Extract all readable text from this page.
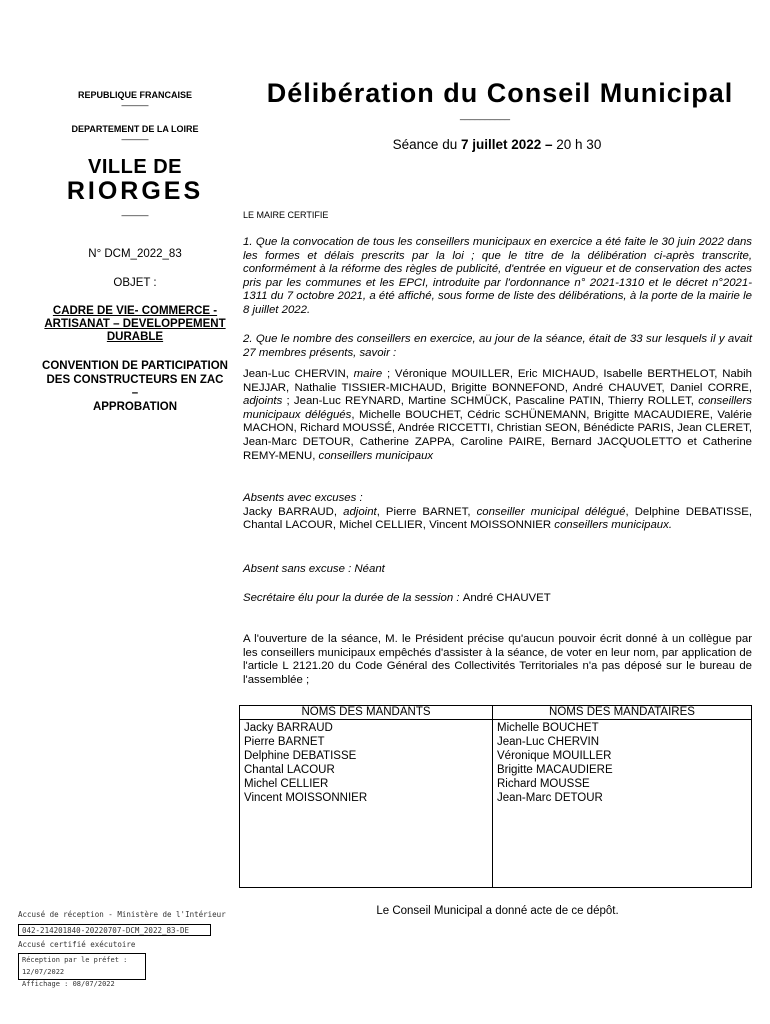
REPUBLIQUE FRANCAISE
———
DEPARTEMENT DE LA LOIRE
———
VILLE DE
RIORGES
———
N° DCM_2022_83
OBJET :
CADRE DE VIE- COMMERCE - ARTISANAT – DEVELOPPEMENT DURABLE
CONVENTION DE PARTICIPATION DES CONSTRUCTEURS EN ZAC
–
APPROBATION
Délibération du Conseil Municipal
__________
Séance du 7 juillet 2022 – 20 h 30
LE MAIRE CERTIFIE
1. Que la convocation de tous les conseillers municipaux en exercice a été faite le 30 juin 2022 dans les formes et délais prescrits par la loi ; que le titre de la délibération ci-après transcrite, conformément à la réforme des règles de publicité, d'entrée en vigueur et de conservation des actes pris par les communes et les EPCI, introduite par l'ordonnance n° 2021-1310 et le décret n°2021-1311 du 7 octobre 2021, a été affiché, sous forme de liste des délibérations, à la porte de la mairie le 8 juillet 2022.
2. Que le nombre des conseillers en exercice, au jour de la séance, était de 33 sur lesquels il y avait 27 membres présents, savoir :
Jean-Luc CHERVIN, maire ; Véronique MOUILLER, Eric MICHAUD, Isabelle BERTHELOT, Nabih NEJJAR, Nathalie TISSIER-MICHAUD, Brigitte BONNEFOND, André CHAUVET, Daniel CORRE, adjoints ; Jean-Luc REYNARD, Martine SCHMÜCK, Pascaline PATIN, Thierry ROLLET, conseillers municipaux délégués, Michelle BOUCHET, Cédric SCHÜNEMANN, Brigitte MACAUDIERE, Valérie MACHON, Richard MOUSSÉ, Andrée RICCETTI, Christian SEON, Bénédicte PARIS, Jean CLERET, Jean-Marc DETOUR, Catherine ZAPPA, Caroline PAIRE, Bernard JACQUOLETTO et Catherine REMY-MENU, conseillers municipaux
Absents avec excuses :
Jacky BARRAUD, adjoint, Pierre BARNET, conseiller municipal délégué, Delphine DEBATISSE, Chantal LACOUR, Michel CELLIER, Vincent MOISSONNIER conseillers municipaux.
Absent sans excuse : Néant
Secrétaire élu pour la durée de la session : André CHAUVET
A l'ouverture de la séance, M. le Président précise qu'aucun pouvoir écrit donné à un collègue par les conseillers municipaux empêchés d'assister à la séance, de voter en leur nom, par application de l'article L 2121.20 du Code Général des Collectivités Territoriales n'a pas déposé sur le bureau de l'assemblée ;
NOMS DES MANDANTS	NOMS DES MANDATAIRES
Jacky BARRAUD
Pierre BARNET
Delphine DEBATISSE
Chantal LACOUR
Michel CELLIER
Vincent MOISSONNIER
Michelle BOUCHET
Jean-Luc CHERVIN
Véronique MOUILLER
Brigitte MACAUDIERE
Richard MOUSSE
Jean-Marc DETOUR
Le Conseil Municipal a donné acte de ce dépôt.
Accusé de réception - Ministère de l'Intérieur
042-214201840-20220707-DCM_2022_83-DE
Accusé certifié exécutoire
Réception par le préfet : 12/07/2022
Affichage : 08/07/2022
